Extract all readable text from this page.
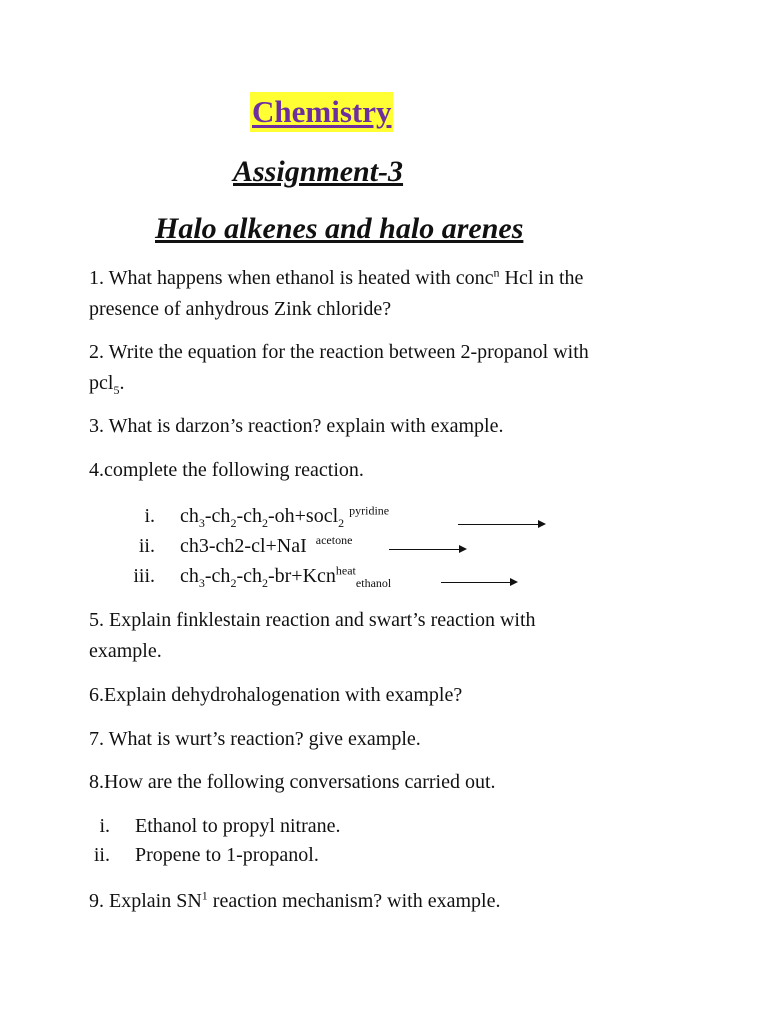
Chemistry
Assignment-3
Halo alkenes and halo arenes
1. What happens when ethanol is heated with conc$^n$ Hcl in the
presence of anhydrous Zink chloride?
2. Write the equation for the reaction between 2-propanol with
pcl$_5$.
3. What is darzon’s reaction? explain with example.
4.complete the following reaction.
i. $ch_3-ch_2-ch_2-oh+socl_2$ $^{pyridine}$
ii. ch3-ch2-cl+NaI $^{acetone}$
iii. $ch_3-ch_2-ch_2-br+Kcn^{heat}_{ethanol}$
5. Explain finklestain reaction and swart’s reaction with
example.
6.Explain dehydrohalogenation with example?
7. What is wurt’s reaction? give example.
8.How are the following conversations carried out.
i. Ethanol to propyl nitrane.
ii. Propene to 1-propanol.
9. Explain $SN^1$ reaction mechanism? with example.
